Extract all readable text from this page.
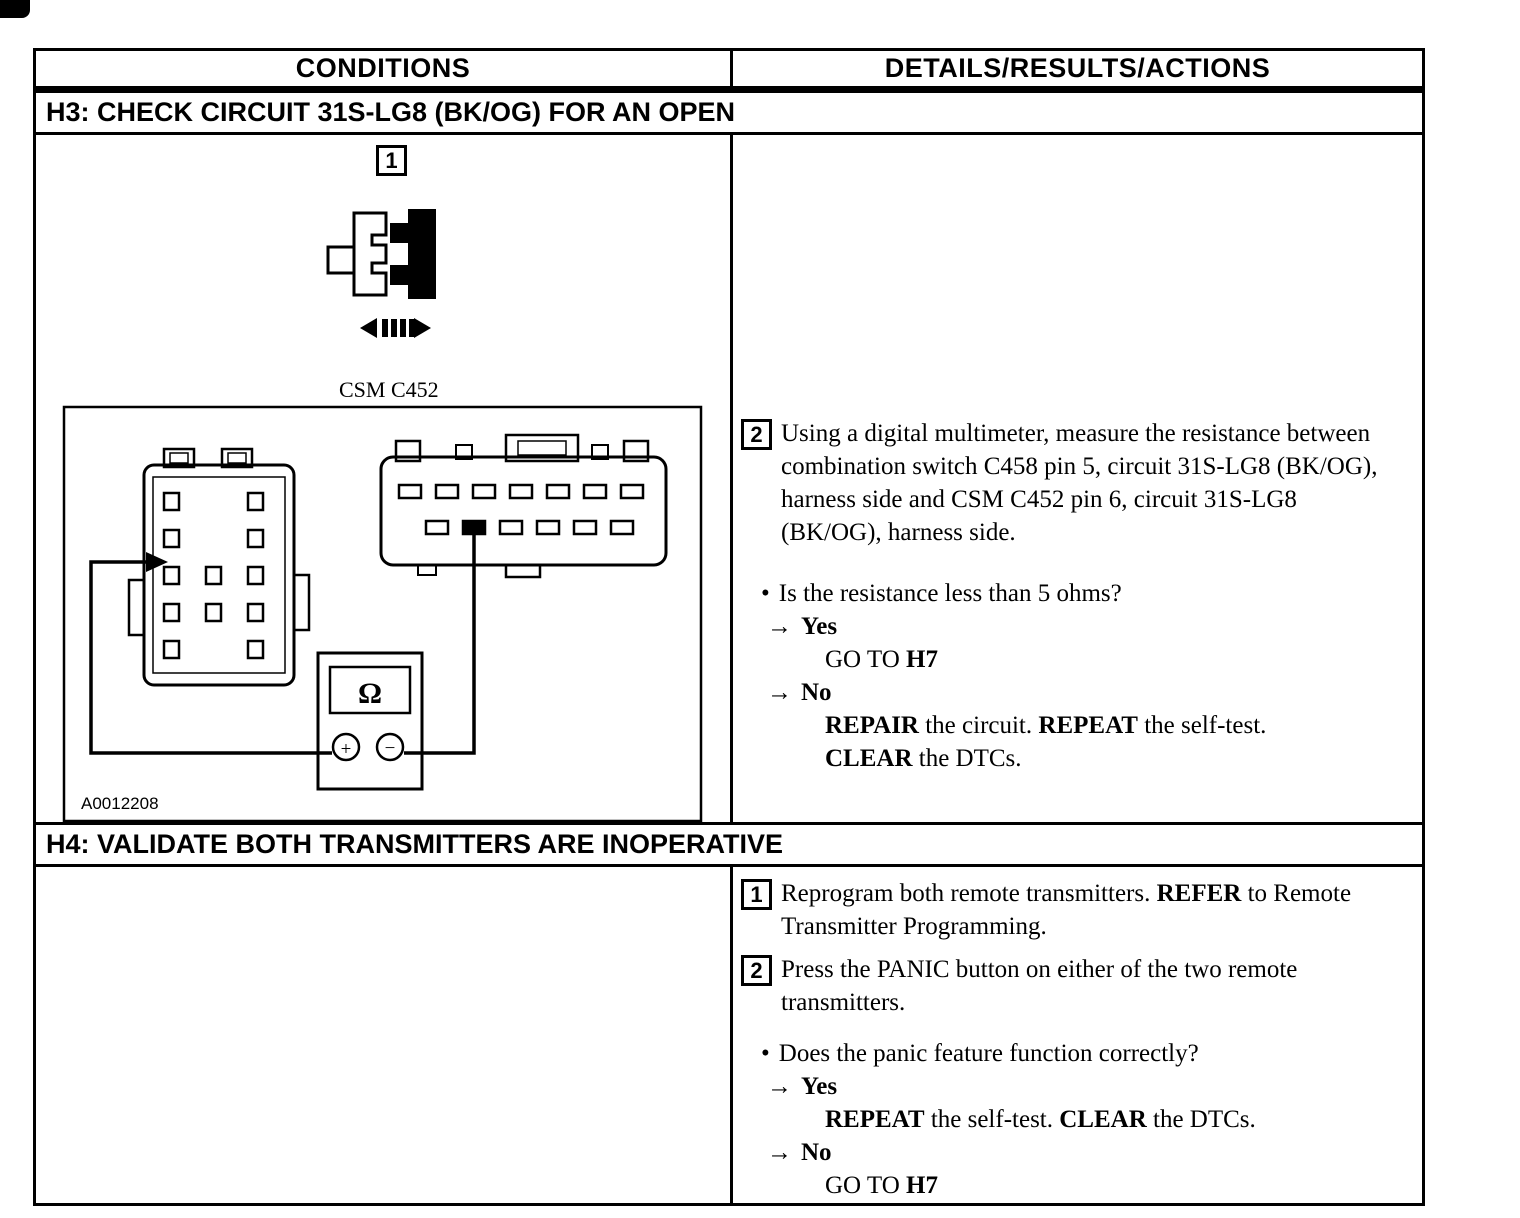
CONDITIONS	DETAILS/RESULTS/ACTIONS
H3: CHECK CIRCUIT 31S-LG8 (BK/OG) FOR AN OPEN
1
CSM C452
Ω
+ −
A0012208
2 Using a digital multimeter, measure the resistance between combination switch C458 pin 5, circuit 31S-LG8 (BK/OG), harness side and CSM C452 pin 6, circuit 31S-LG8 (BK/OG), harness side.

• Is the resistance less than 5 ohms?
→ Yes
GO TO H7
→ No
REPAIR the circuit. REPEAT the self-test.
CLEAR the DTCs.
H4: VALIDATE BOTH TRANSMITTERS ARE INOPERATIVE
1 Reprogram both remote transmitters. REFER to Remote Transmitter Programming.

2 Press the PANIC button on either of the two remote transmitters.

• Does the panic feature function correctly?
→ Yes
REPEAT the self-test. CLEAR the DTCs.
→ No
GO TO H7
